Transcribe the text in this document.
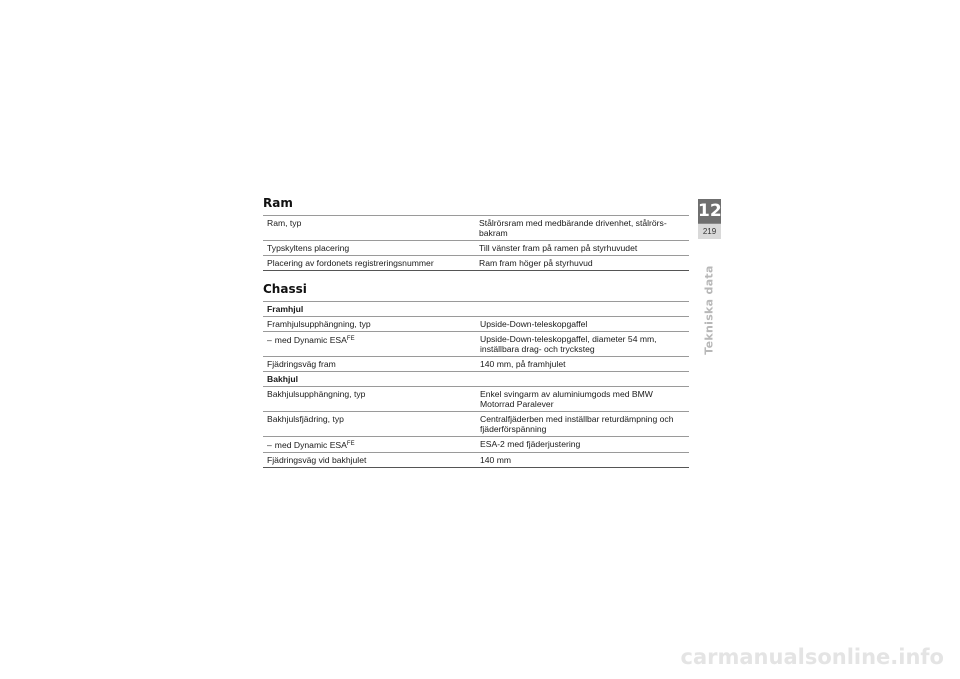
Ram
Ram, typ	Stålrörsram med medbärande drivenhet, stålrörs-bakram
Typskyltens placering	Till vänster fram på ramen på styrhuvudet
Placering av fordonets registreringsnummer	Ram fram höger på styrhuvud
Chassi
Framhjul	
Framhjulsupphängning, typ	Upside-Down-teleskopgaffel
– med Dynamic $ESA^{FE}$	Upside-Down-teleskopgaffel, diameter 54 mm, inställbara drag- och trycksteg
Fjädringsväg fram	140 mm, på framhjulet
Bakhjul	
Bakhjulsupphängning, typ	Enkel svingarm av aluminiumgods med BMW Motorrad Paralever
Bakhjulsfjädring, typ	Centralfjäderben med inställbar returdämpning och fjäderförspänning
– med Dynamic $ESA^{FE}$	ESA-2 med fjäderjustering
Fjädringsväg vid bakhjulet	140 mm
12
219
Tekniska data
carmanualsonline.info
